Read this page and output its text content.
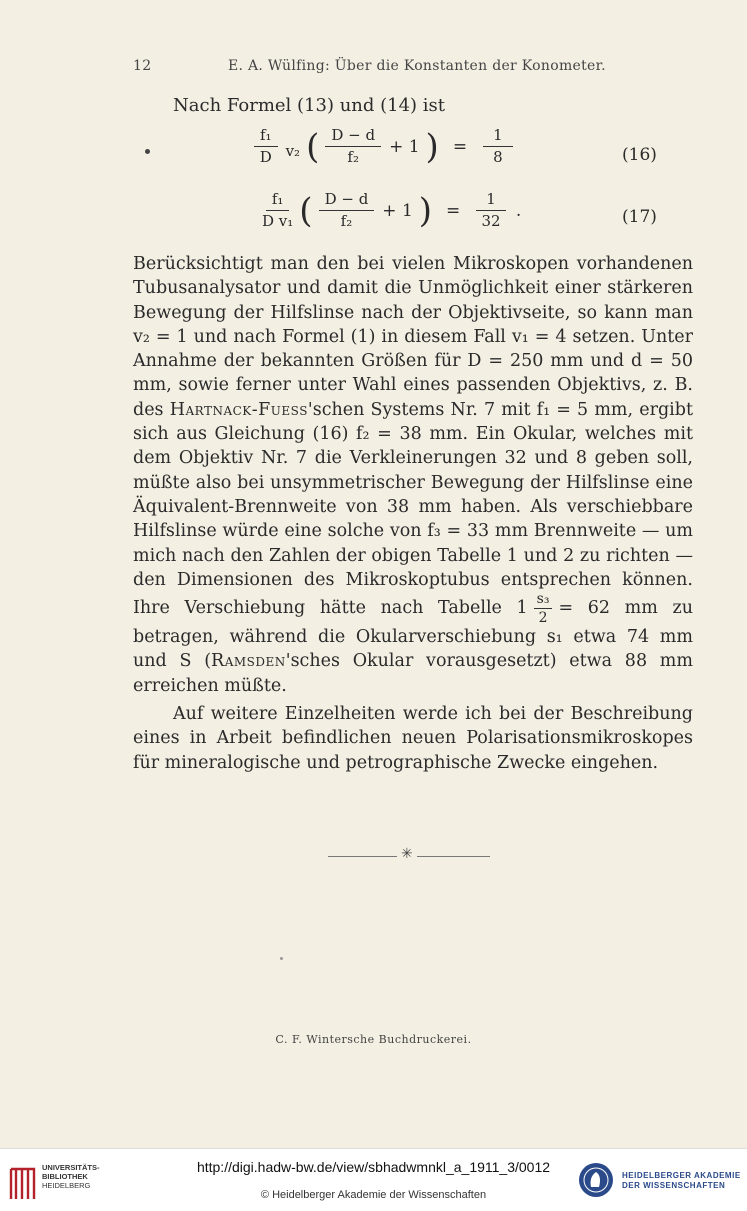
12	E. A. Wülfing: Über die Konstanten der Konometer.
Nach Formel (13) und (14) ist
$\frac{\text{f₁}}{D} v_2$ ( $\frac{D - d}{\text{f₂}} + 1$ ) = $\frac{1}{8}$	(16)
$\frac{\text{f₁}}{\text{D v₁}}$ ( $\frac{D - d}{\text{f₂}} + 1$ ) = $\frac{1}{32}$ .	(17)

Berücksichtigt man den bei vielen Mikroskopen vorhandenen Tubusanalysator und damit die Unmöglichkeit einer stärkeren Bewegung der Hilfslinse nach der Objektivseite, so kann man v₂ = 1 und nach Formel (1) in diesem Fall v₁ = 4 setzen. Unter Annahme der bekannten Größen für D = 250 mm und d = 50 mm, sowie ferner unter Wahl eines passenden Objektivs, z. B. des Hartnack-Fuess'schen Systems Nr. 7 mit f₁ = 5 mm, ergibt sich aus Gleichung (16) f₂ = 38 mm. Ein Okular, welches mit dem Objektiv Nr. 7 die Verkleinerungen 32 und 8 geben soll, müßte also bei unsymmetrischer Bewegung der Hilfslinse eine Äquivalent-Brennweite von 38 mm haben. Als verschiebbare Hilfslinse würde eine solche von f₃ = 33 mm Brennweite — um mich nach den Zahlen der obigen Tabelle 1 und 2 zu richten — den Dimensionen des Mikroskoptubus entsprechen können. Ihre Verschiebung hätte nach Tabelle $1 \frac{\text{s₃}}{2} = 62$ mm zu betragen, während die Okularverschiebung s₁ etwa 74 mm und S (Ramsden'sches Okular vorausgesetzt) etwa 88 mm erreichen müßte.

Auf weitere Einzelheiten werde ich bei der Beschreibung eines in Arbeit befindlichen neuen Polarisationsmikroskopes für mineralogische und petrographische Zwecke eingehen.
✳
C. F. Wintersche Buchdruckerei.
UNIVERSITÄTS-
BIBLIOTHEK
HEIDELBERG
http://digi.hadw-bw.de/view/sbhadwmnkl_a_1911_3/0012
© Heidelberger Akademie der Wissenschaften
HEIDELBERGER AKADEMIE
DER WISSENSCHAFTEN
